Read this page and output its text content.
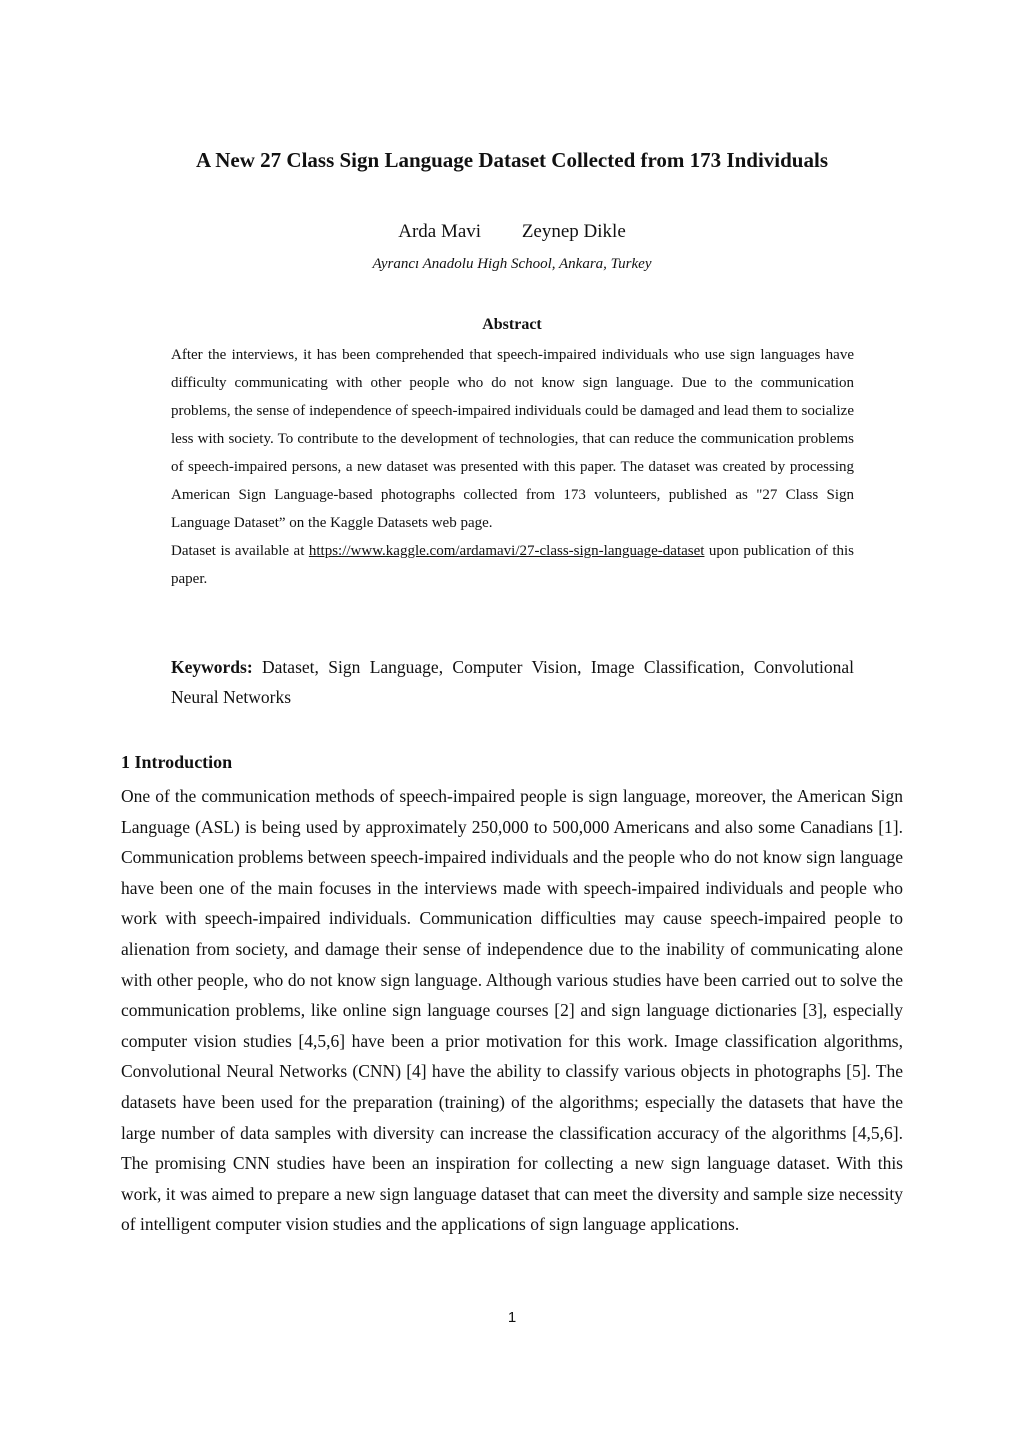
A New 27 Class Sign Language Dataset Collected from 173 Individuals
Arda Mavi Zeynep Dikle
Ayrancı Anadolu High School, Ankara, Turkey
Abstract

After the interviews, it has been comprehended that speech-impaired individuals who use sign languages have difficulty communicating with other people who do not know sign language. Due to the communication problems, the sense of independence of speech-impaired individuals could be damaged and lead them to socialize less with society. To contribute to the development of technologies, that can reduce the communication problems of speech-impaired persons, a new dataset was presented with this paper. The dataset was created by processing American Sign Language-based photographs collected from 173 volunteers, published as "27 Class Sign Language Dataset” on the Kaggle Datasets web page.

Dataset is available at https://www.kaggle.com/ardamavi/27-class-sign-language-dataset upon publication of this paper.

Keywords: Dataset, Sign Language, Computer Vision, Image Classification, Convolutional Neural Networks
1 Introduction

One of the communication methods of speech-impaired people is sign language, moreover, the American Sign Language (ASL) is being used by approximately 250,000 to 500,000 Americans and also some Canadians [1]. Communication problems between speech-impaired individuals and the people who do not know sign language have been one of the main focuses in the interviews made with speech-impaired individuals and people who work with speech-impaired individuals. Communication difficulties may cause speech-impaired people to alienation from society, and damage their sense of independence due to the inability of communicating alone with other people, who do not know sign language. Although various studies have been carried out to solve the communication problems, like online sign language courses [2] and sign language dictionaries [3], especially computer vision studies [4,5,6] have been a prior motivation for this work. Image classification algorithms, Convolutional Neural Networks (CNN) [4] have the ability to classify various objects in photographs [5]. The datasets have been used for the preparation (training) of the algorithms; especially the datasets that have the large number of data samples with diversity can increase the classification accuracy of the algorithms [4,5,6]. The promising CNN studies have been an inspiration for collecting a new sign language dataset. With this work, it was aimed to prepare a new sign language dataset that can meet the diversity and sample size necessity of intelligent computer vision studies and the applications of sign language applications.

1
